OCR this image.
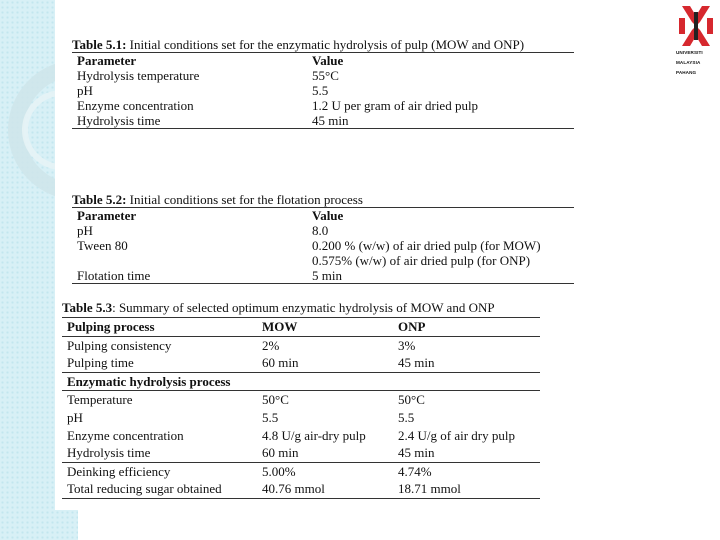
UNIVERSITI
MALAYSIA
PAHANG
Table 5.1: Initial conditions set for the enzymatic hydrolysis of pulp (MOW and ONP)
Parameter	Value
Hydrolysis temperature	55°C
pH	5.5
Enzyme concentration	1.2 U per gram of air dried pulp
Hydrolysis time	45 min
Table 5.2: Initial conditions set for the flotation process
Parameter	Value
pH	8.0
Tween 80	0.200 % (w/w) of air dried pulp (for MOW)
0.575% (w/w) of air dried pulp (for ONP)
Flotation time	5 min
Table 5.3: Summary of selected optimum enzymatic hydrolysis of MOW and ONP
Pulping process	MOW	ONP
Pulping consistency	2%	3%
Pulping time	60 min	45 min
Enzymatic hydrolysis process
Temperature	50°C	50°C
pH	5.5	5.5
Enzyme concentration	4.8 U/g air-dry pulp	2.4 U/g of air dry pulp
Hydrolysis time	60 min	45 min
Deinking efficiency	5.00%	4.74%
Total reducing sugar obtained	40.76 mmol	18.71 mmol
